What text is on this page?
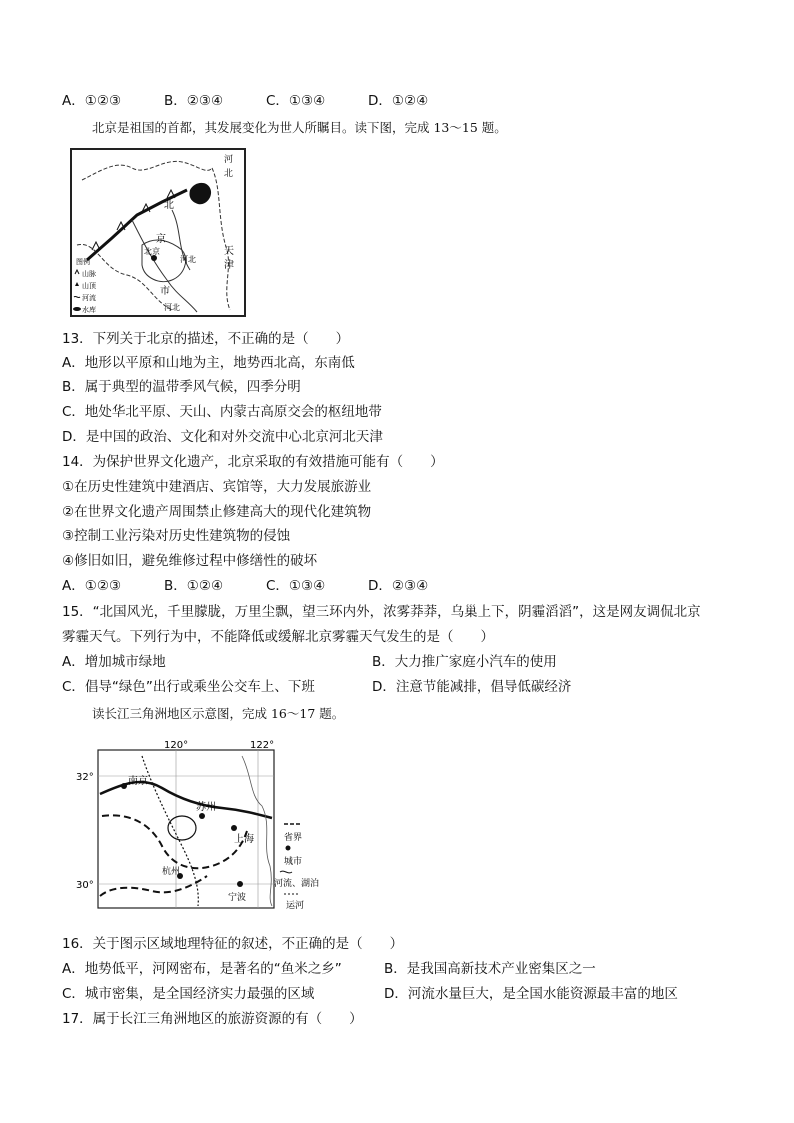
A．①②③	B．②③④	C．①③④	D．①②④
北京是祖国的首都，其发展变化为世人所瞩目。读下图，完成 13～15 题。
河
北
北
京
北京
河北
天
津
市
河北
图例
山脉
山顶
河流
水库
13．下列关于北京的描述，不正确的是（　　）
A．地形以平原和山地为主，地势西北高，东南低
B．属于典型的温带季风气候，四季分明
C．地处华北平原、天山、内蒙古高原交会的枢纽地带
D．是中国的政治、文化和对外交流中心北京河北天津
14．为保护世界文化遗产，北京采取的有效措施可能有（　　）
①在历史性建筑中建酒店、宾馆等，大力发展旅游业
②在世界文化遗产周围禁止修建高大的现代化建筑物
③控制工业污染对历史性建筑物的侵蚀
④修旧如旧，避免维修过程中修缮性的破坏
A．①②③	B．①②④	C．①③④	D．②③④
15．“北国风光，千里朦胧，万里尘飘，望三环内外，浓雾莽莽，乌巢上下，阴霾滔滔”，这是网友调侃北京
雾霾天气。下列行为中，不能降低或缓解北京雾霾天气发生的是（　　）
A．增加城市绿地	B．大力推广家庭小汽车的使用
C．倡导“绿色”出行或乘坐公交车上、下班	D．注意节能减排，倡导低碳经济
读长江三角洲地区示意图，完成 16～17 题。
120°	122°
32°
30°
南京
苏州
上海
杭州
宁波
省界
城市
河流、湖泊
运河
16．关于图示区域地理特征的叙述，不正确的是（　　）
A．地势低平，河网密布，是著名的“鱼米之乡”	B．是我国高新技术产业密集区之一
C．城市密集，是全国经济实力最强的区域	D．河流水量巨大，是全国水能资源最丰富的地区
17．属于长江三角洲地区的旅游资源的有（　　）
